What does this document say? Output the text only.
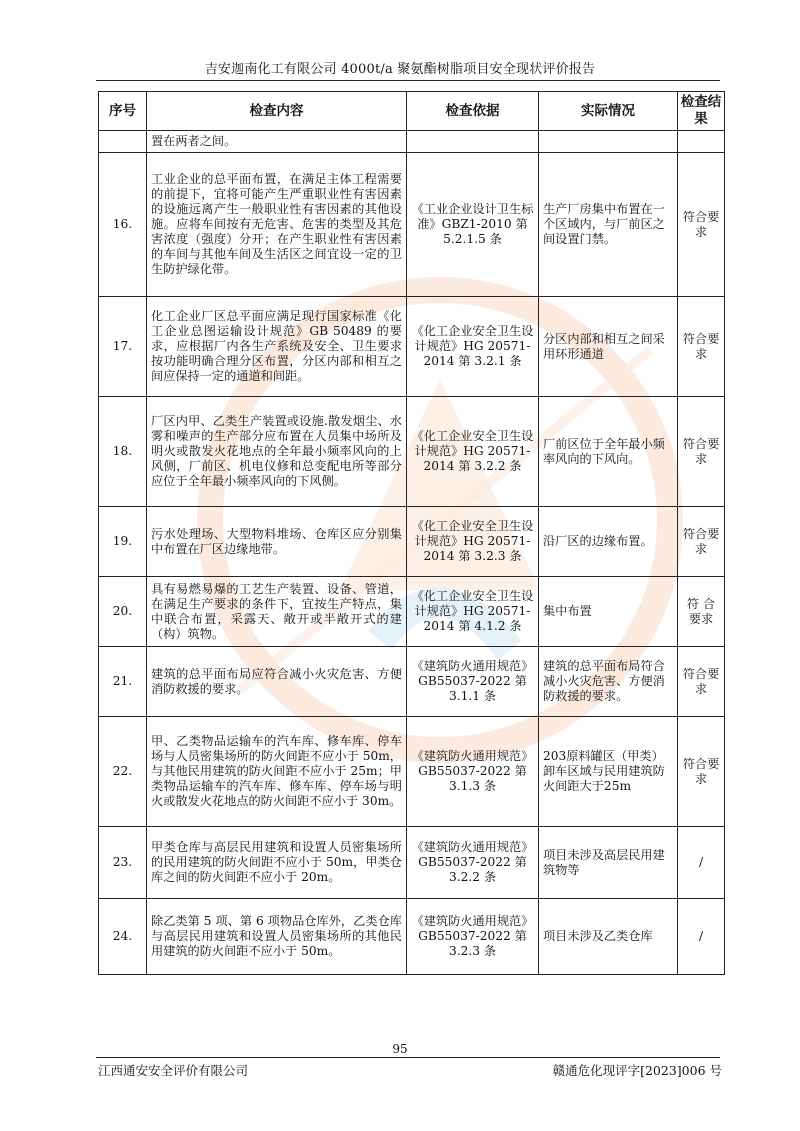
吉安迦南化工有限公司 4000t/a 聚氨酯树脂项目安全现状评价报告
序号	检查内容	检查依据	实际情况	检查结果
	置在两者之间。			
16.	工业企业的总平面布置，在满足主体工程需要的前提下，宜将可能产生严重职业性有害因素的设施远离产生一般职业性有害因素的其他设施。应将车间按有无危害、危害的类型及其危害浓度（强度）分开；在产生职业性有害因素的车间与其他车间及生活区之间宜设一定的卫生防护绿化带。	《工业企业设计卫生标准》GBZ1-2010 第 5.2.1.5 条	生产厂房集中布置在一个区域内，与厂前区之间设置门禁。	符合要求
17.	化工企业厂区总平面应满足现行国家标准《化工企业总图运输设计规范》GB 50489 的要求，应根据厂内各生产系统及安全、卫生要求按功能明确合理分区布置，分区内部和相互之间应保持一定的通道和间距。	《化工企业安全卫生设计规范》HG 20571-2014 第 3.2.1 条	分区内部和相互之间采用环形通道	符合要求
18.	厂区内甲、乙类生产装置或设施.散发烟尘、水雾和噪声的生产部分应布置在人员集中场所及明火或散发火花地点的全年最小频率风向的上风侧，厂前区、机电仪修和总变配电所等部分应位于全年最小频率风向的下风侧。	《化工企业安全卫生设计规范》HG 20571-2014 第 3.2.2 条	厂前区位于全年最小频率风向的下风向。	符合要求
19.	污水处理场、大型物料堆场、仓库区应分别集中布置在厂区边缘地带。	《化工企业安全卫生设计规范》HG 20571-2014 第 3.2.3 条	沿厂区的边缘布置。	符合要求
20.	具有易燃易爆的工艺生产装置、设备、管道，在满足生产要求的条件下，宜按生产特点，集中联合布置，采露天、敞开或半敞开式的建（构）筑物。	《化工企业安全卫生设计规范》HG 20571-2014 第 4.1.2 条	集中布置	符 合要求
21.	建筑的总平面布局应符合减小火灾危害、方便消防救援的要求。	《建筑防火通用规范》GB55037-2022 第 3.1.1 条	建筑的总平面布局符合减小火灾危害、方便消防救援的要求。	符合要求
22.	甲、乙类物品运输车的汽车库、修车库、停车场与人员密集场所的防火间距不应小于 50m，与其他民用建筑的防火间距不应小于 25m；甲类物品运输车的汽车库、修车库、停车场与明火或散发火花地点的防火间距不应小于 30m。	《建筑防火通用规范》GB55037-2022 第 3.1.3 条	203原料罐区（甲类）卸车区域与民用建筑防火间距大于25m	符合要求
23.	甲类仓库与高层民用建筑和设置人员密集场所的民用建筑的防火间距不应小于 50m，甲类仓库之间的防火间距不应小于 20m。	《建筑防火通用规范》GB55037-2022 第 3.2.2 条	项目未涉及高层民用建筑物等	/
24.	除乙类第 5 项、第 6 项物品仓库外，乙类仓库与高层民用建筑和设置人员密集场所的其他民用建筑的防火间距不应小于 50m。	《建筑防火通用规范》GB55037-2022 第 3.2.3 条	项目未涉及乙类仓库	/
95
江西通安安全评价有限公司	赣通危化现评字[2023]006 号
